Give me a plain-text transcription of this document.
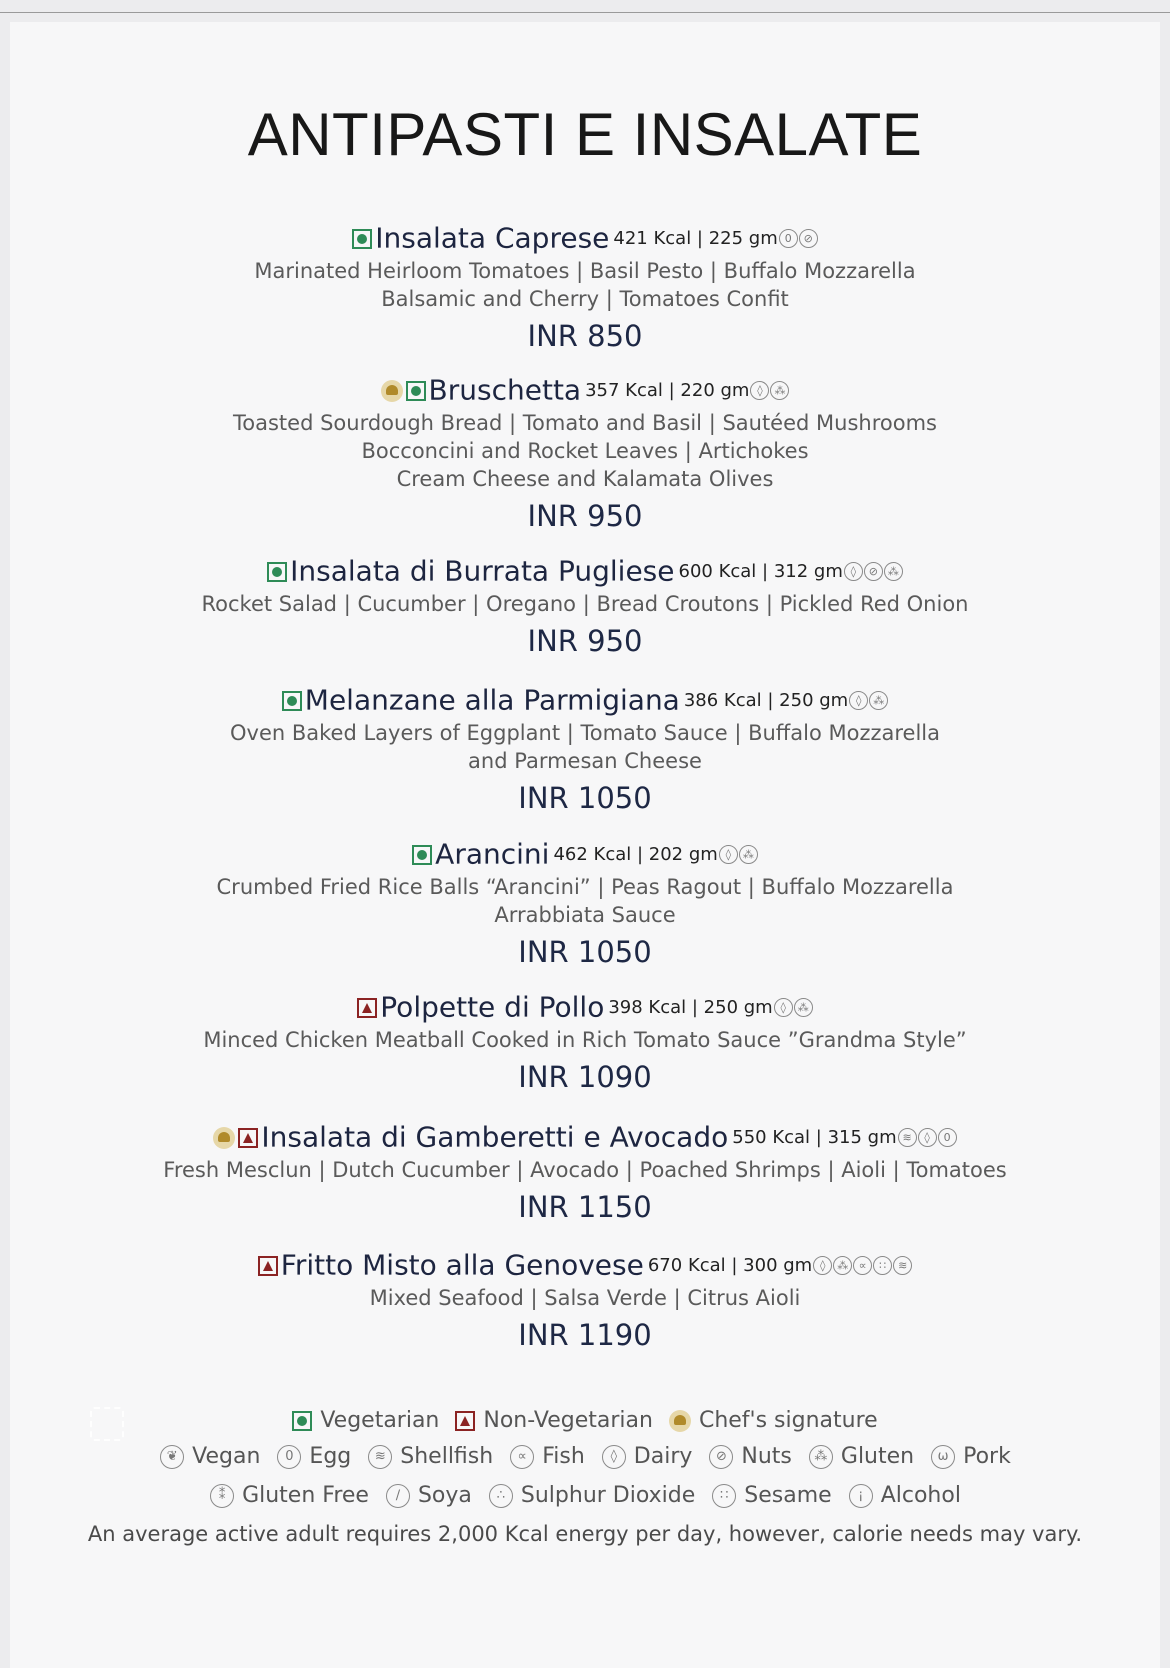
ANTIPASTI E INSALATE
Insalata Caprese 421 Kcal | 225 gm 0 ⊘
Marinated Heirloom Tomatoes | Basil Pesto | Buffalo Mozzarella
Balsamic and Cherry | Tomatoes Confit
INR 850
Bruschetta 357 Kcal | 220 gm ◊ ⁂
Toasted Sourdough Bread | Tomato and Basil | Sautéed Mushrooms
Bocconcini and Rocket Leaves | Artichokes
Cream Cheese and Kalamata Olives
INR 950
Insalata di Burrata Pugliese 600 Kcal | 312 gm ◊ ⊘ ⁂
Rocket Salad | Cucumber | Oregano | Bread Croutons | Pickled Red Onion
INR 950
Melanzane alla Parmigiana 386 Kcal | 250 gm ◊ ⁂
Oven Baked Layers of Eggplant | Tomato Sauce | Buffalo Mozzarella
and Parmesan Cheese
INR 1050
Arancini 462 Kcal | 202 gm ◊ ⁂
Crumbed Fried Rice Balls “Arancini” | Peas Ragout | Buffalo Mozzarella
Arrabbiata Sauce
INR 1050
Polpette di Pollo 398 Kcal | 250 gm ◊ ⁂
Minced Chicken Meatball Cooked in Rich Tomato Sauce ”Grandma Style”
INR 1090
Insalata di Gamberetti e Avocado 550 Kcal | 315 gm ≋ ◊ 0
Fresh Mesclun | Dutch Cucumber | Avocado | Poached Shrimps | Aioli | Tomatoes
INR 1150
Fritto Misto alla Genovese 670 Kcal | 300 gm ◊ ⁂ ∝ ∷ ≋
Mixed Seafood | Salsa Verde | Citrus Aioli
INR 1190
Vegetarian Non-Vegetarian Chef's signature
❦ Vegan 0 Egg ≋ Shellfish ∝ Fish ◊ Dairy ⊘ Nuts ⁂ Gluten ω Pork
⁑ Gluten Free ∕ Soya ∴ Sulphur Dioxide ∷ Sesame ¡ Alcohol
An average active adult requires 2,000 Kcal energy per day, however, calorie needs may vary.
